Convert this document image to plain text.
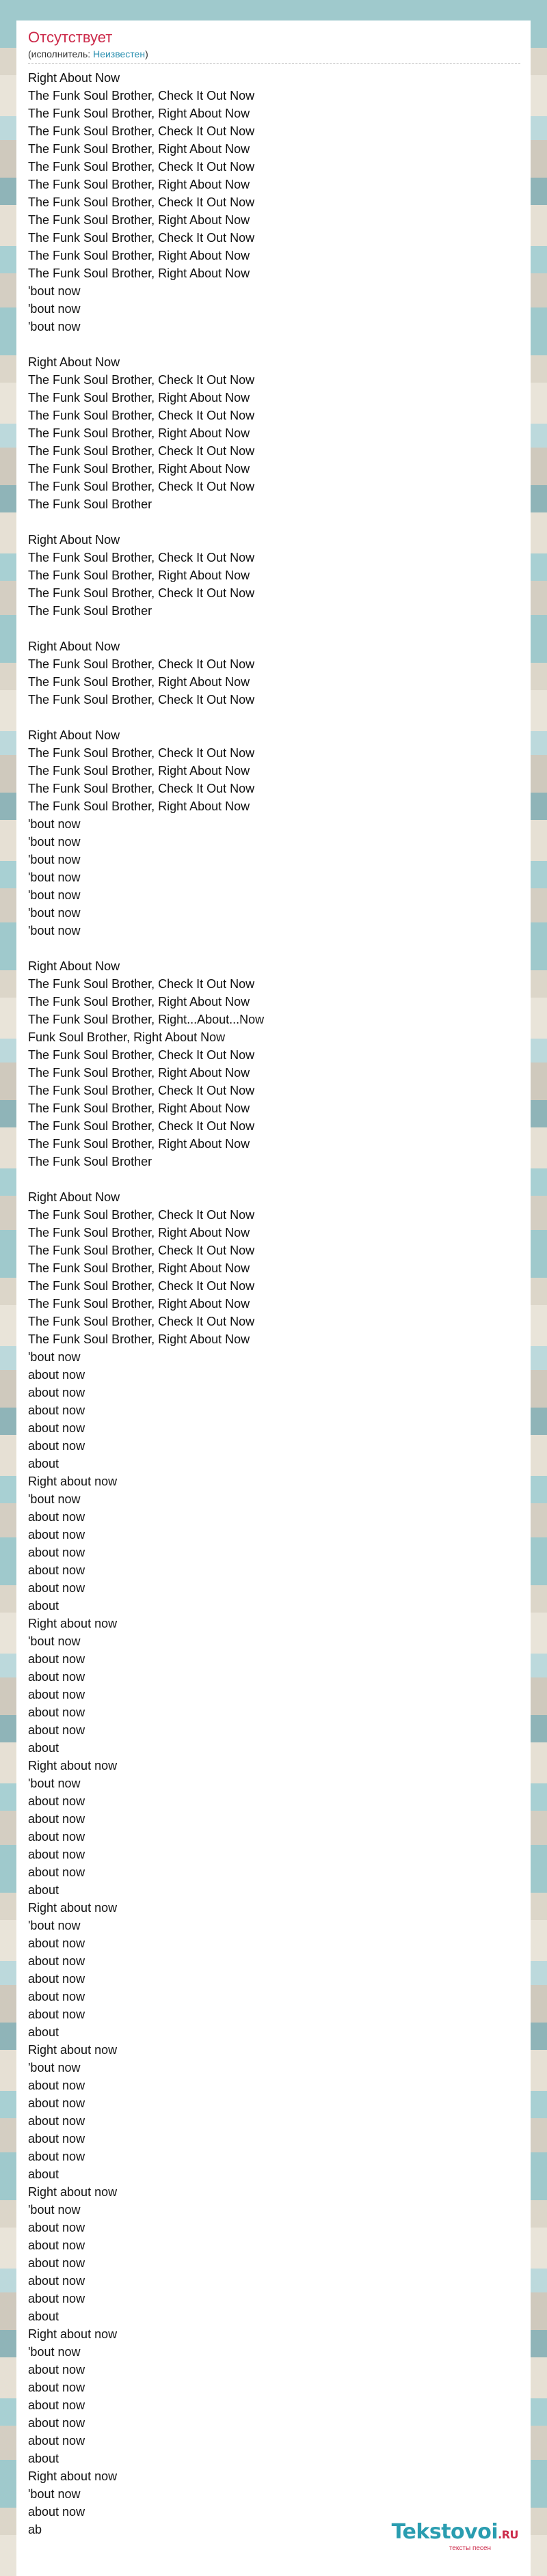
Отсутствует
(исполнитель: Неизвестен)
Right About Now
The Funk Soul Brother, Check It Out Now
The Funk Soul Brother, Right About Now
The Funk Soul Brother, Check It Out Now
The Funk Soul Brother, Right About Now
The Funk Soul Brother, Check It Out Now
The Funk Soul Brother, Right About Now
The Funk Soul Brother, Check It Out Now
The Funk Soul Brother, Right About Now
The Funk Soul Brother, Check It Out Now
The Funk Soul Brother, Right About Now
The Funk Soul Brother, Right About Now
'bout now
'bout now
'bout now
Right About Now
The Funk Soul Brother, Check It Out Now
The Funk Soul Brother, Right About Now
The Funk Soul Brother, Check It Out Now
The Funk Soul Brother, Right About Now
The Funk Soul Brother, Check It Out Now
The Funk Soul Brother, Right About Now
The Funk Soul Brother, Check It Out Now
The Funk Soul Brother
Right About Now
The Funk Soul Brother, Check It Out Now
The Funk Soul Brother, Right About Now
The Funk Soul Brother, Check It Out Now
The Funk Soul Brother
Right About Now
The Funk Soul Brother, Check It Out Now
The Funk Soul Brother, Right About Now
The Funk Soul Brother, Check It Out Now
Right About Now
The Funk Soul Brother, Check It Out Now
The Funk Soul Brother, Right About Now
The Funk Soul Brother, Check It Out Now
The Funk Soul Brother, Right About Now
'bout now
'bout now
'bout now
'bout now
'bout now
'bout now
'bout now
Right About Now
The Funk Soul Brother, Check It Out Now
The Funk Soul Brother, Right About Now
The Funk Soul Brother, Right...About...Now
Funk Soul Brother, Right About Now
The Funk Soul Brother, Check It Out Now
The Funk Soul Brother, Right About Now
The Funk Soul Brother, Check It Out Now
The Funk Soul Brother, Right About Now
The Funk Soul Brother, Check It Out Now
The Funk Soul Brother, Right About Now
The Funk Soul Brother
Right About Now
The Funk Soul Brother, Check It Out Now
The Funk Soul Brother, Right About Now
The Funk Soul Brother, Check It Out Now
The Funk Soul Brother, Right About Now
The Funk Soul Brother, Check It Out Now
The Funk Soul Brother, Right About Now
The Funk Soul Brother, Check It Out Now
The Funk Soul Brother, Right About Now
'bout now
about now
about now
about now
about now
about now
about
Right about now
'bout now
about now
about now
about now
about now
about now
about
Right about now
'bout now
about now
about now
about now
about now
about now
about
Right about now
'bout now
about now
about now
about now
about now
about now
about
Right about now
'bout now
about now
about now
about now
about now
about now
about
Right about now
'bout now
about now
about now
about now
about now
about now
about
Right about now
'bout now
about now
about now
about now
about now
about now
about
Right about now
'bout now
about now
about now
about now
about now
about now
about
Right about now
'bout now
about now
ab	Tekstovoi.RU
тексты песен
